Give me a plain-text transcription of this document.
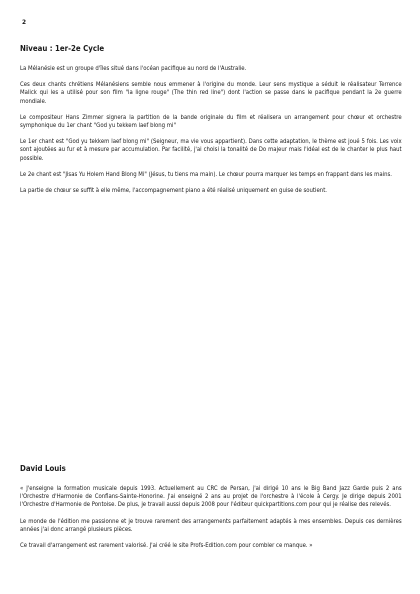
2
Niveau : 1er-2e Cycle

La Mélanésie est un groupe d'îles situé dans l'océan pacifique au nord de l'Australie.

Ces deux chants chrétiens Mélanésiens semble nous emmener à l'origine du monde. Leur sens mystique a séduit le réalisateur Terrence Malick qui les a utilisé pour son film "la ligne rouge" (The thin red line") dont l'action se passe dans le pacifique pendant la 2e guerre mondiale.

Le compositeur Hans Zimmer signera la partition de la bande originale du film et réalisera un arrangement pour chœur et orchestre symphonique du 1er chant "God yu tekkem laef blong mi"

Le 1er chant est "God yu tekkem laef blong mi" (Seigneur, ma vie vous appartient). Dans cette adaptation, le thème est joué 5 fois. Les voix sont ajoutées au fur et à mesure par accumulation. Par facilité, j'ai choisi la tonalité de Do majeur mais l'idéal est de le chanter le plus haut possible.

Le 2e chant est "Jisas Yu Holem Hand Blong Mi" (Jésus, tu tiens ma main). Le chœur pourra marquer les temps en frappant dans les mains.

La partie de chœur se suffit à elle même, l'accompagnement piano a été réalisé uniquement en guise de soutient.

David Louis

« J'enseigne la formation musicale depuis 1993. Actuellement au CRC de Persan, j'ai dirigé 10 ans le Big Band Jazz Garde puis 2 ans l'Orchestre d'Harmonie de Conflans-Sainte-Honorine. J'ai enseigné 2 ans au projet de l'orchestre à l'école à Cergy. Je dirige depuis 2001 l'Orchestre d'Harmonie de Pontoise. De plus, je travail aussi depuis 2008 pour l'éditeur quickpartitions.com pour qui je réalise des relevés.

Le monde de l'édition me passionne et je trouve rarement des arrangements parfaitement adaptés à mes ensembles. Depuis ces dernières années j'ai donc arrangé plusieurs pièces.

Ce travail d'arrangement est rarement valorisé. J'ai créé le site Profs-Edition.com pour combler ce manque. »
